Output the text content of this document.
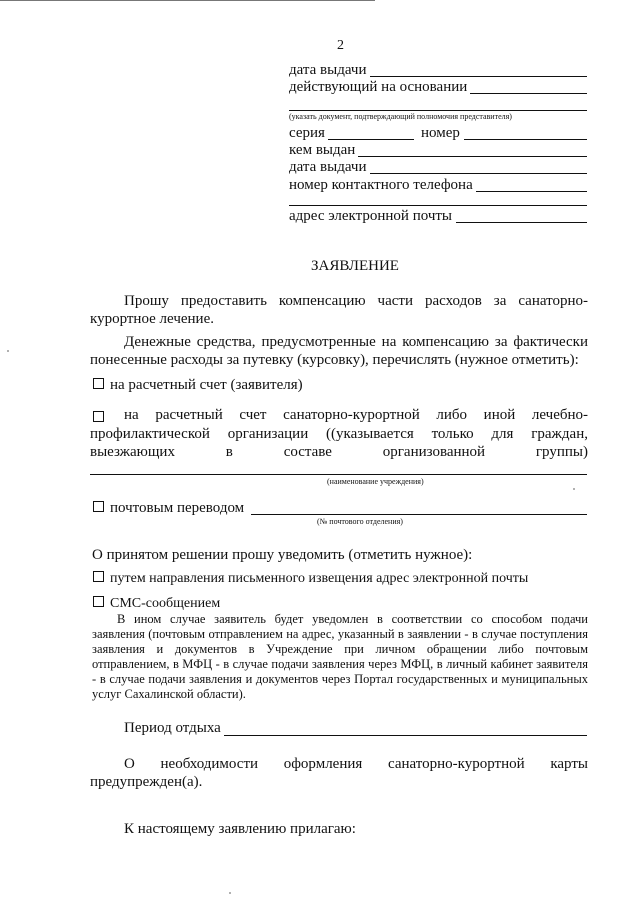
2
дата выдачи
действующий на основании
(указать документ, подтверждающий полномочия представителя)
серия	номер
кем выдан
дата выдачи
номер контактного телефона
адрес электронной почты
ЗАЯВЛЕНИЕ
Прошу предоставить компенсацию части расходов за санаторно-
курортное лечение.
Денежные средства, предусмотренные на компенсацию за фактически
понесенные расходы за путевку (курсовку), перечислять (нужное отметить):
на расчетный счет (заявителя)
на расчетный счет санаторно-курортной либо иной лечебно-
профилактической организации ((указывается только для граждан,
выезжающих в составе организованной группы)
(наименование учреждения)
почтовым переводом
(№ почтового отделения)
О принятом решении прошу уведомить (отметить нужное):
путем направления письменного извещения адрес электронной почты
СМС-сообщением
В ином случае заявитель будет уведомлен в соответствии со способом подачи заявления (почтовым отправлением на адрес, указанный в заявлении - в случае поступления заявления и документов в Учреждение при личном обращении либо почтовым отправлением, в МФЦ - в случае подачи заявления через МФЦ, в личный кабинет заявителя - в случае подачи заявления и документов через Портал государственных и муниципальных услуг Сахалинской области).
Период отдыха
О необходимости оформления санаторно-курортной карты
предупрежден(а).
К настоящему заявлению прилагаю:
